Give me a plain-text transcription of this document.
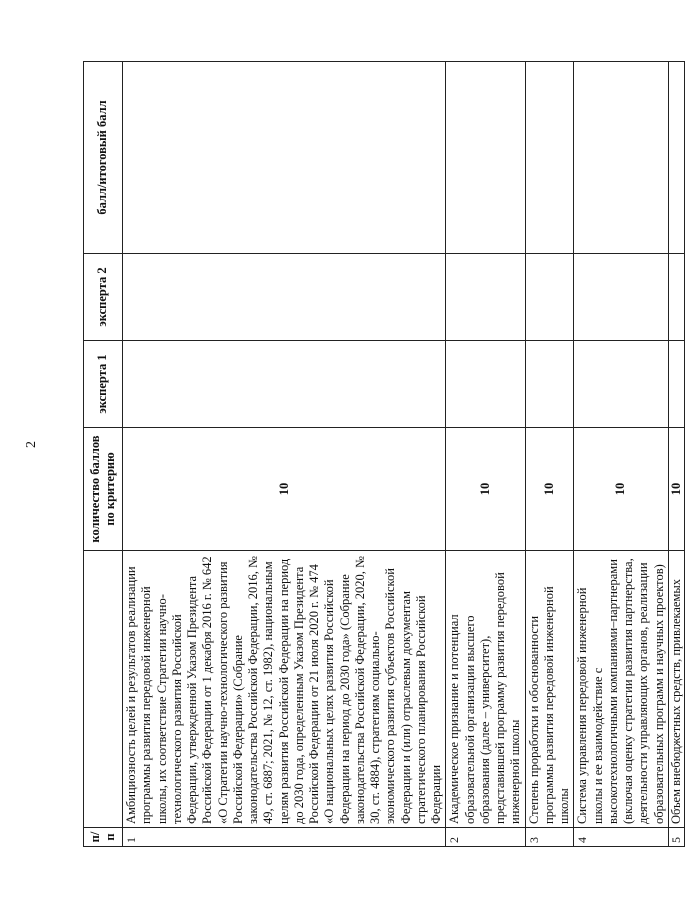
2
п/п		количество баллов по критерию	эксперта 1	эксперта 2	балл/итоговый балл
1	Амбициозность целей и результатов реализации программы развития передовой инженерной школы, их соответствие Стратегии научно-технологического развития Российской Федерации, утвержденной Указом Президента Российской Федерации от 1 декабря 2016 г. № 642 «О Стратегии научно-технологического развития Российской Федерации» (Собрание законодательства Российской Федерации, 2016, № 49, ст. 6887; 2021, № 12, ст. 1982), национальным целям развития Российской Федерации на период до 2030 года, определенным Указом Президента Российской Федерации от 21 июля 2020 г. № 474 «О национальных целях развития Российской Федерации на период до 2030 года» (Собрание законодательства Российской Федерации, 2020, № 30, ст. 4884), стратегиям социально-экономического развития субъектов Российской Федерации и (или) отраслевым документам стратегического планирования Российской Федерации	10			
2	Академическое признание и потенциал образовательной организации высшего образования (далее – университет), представившей программу развития передовой инженерной школы	10			
3	Степень проработки и обоснованности программы развития передовой инженерной школы	10			
4	Система управления передовой инженерной школы и ее взаимодействие с высокотехнологичными компаниями–партнерами (включая оценку стратегии развития партнерства, деятельности управляющих органов, реализации образовательных программ и научных проектов)	10			
5	Объем внебюджетных средств, привлекаемых	10			
